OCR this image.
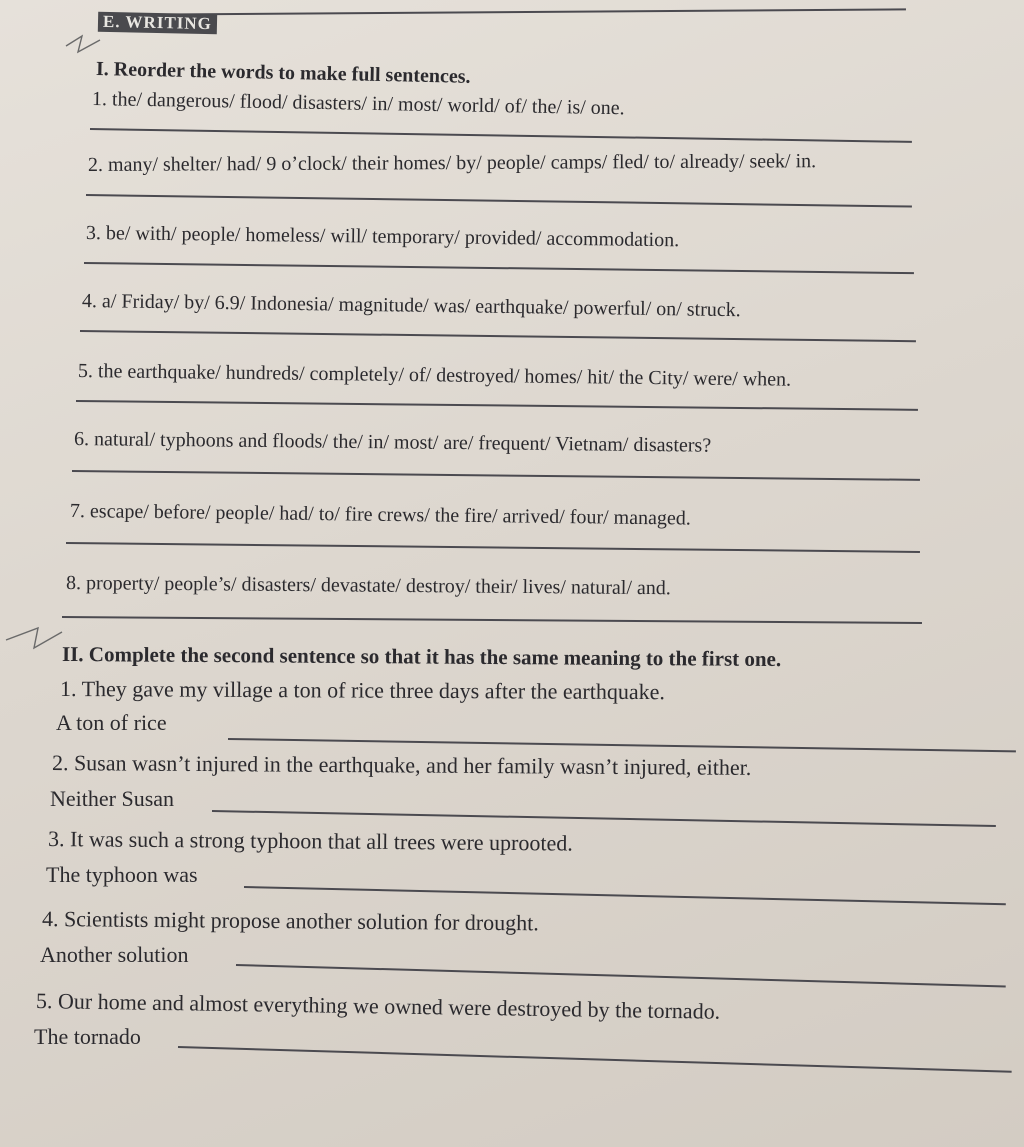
E. WRITING
I. Reorder the words to make full sentences.
1. the/ dangerous/ flood/ disasters/ in/ most/ world/ of/ the/ is/ one.
2. many/ shelter/ had/ 9 o’clock/ their homes/ by/ people/ camps/ fled/ to/ already/ seek/ in.
3. be/ with/ people/ homeless/ will/ temporary/ provided/ accommodation.
4. a/ Friday/ by/ 6.9/ Indonesia/ magnitude/ was/ earthquake/ powerful/ on/ struck.
5. the earthquake/ hundreds/ completely/ of/ destroyed/ homes/ hit/ the City/ were/ when.
6. natural/ typhoons and floods/ the/ in/ most/ are/ frequent/ Vietnam/ disasters?
7. escape/ before/ people/ had/ to/ fire crews/ the fire/ arrived/ four/ managed.
8. property/ people’s/ disasters/ devastate/ destroy/ their/ lives/ natural/ and.
II. Complete the second sentence so that it has the same meaning to the first one.
1. They gave my village a ton of rice three days after the earthquake.
A ton of rice
2. Susan wasn’t injured in the earthquake, and her family wasn’t injured, either.
Neither Susan
3. It was such a strong typhoon that all trees were uprooted.
The typhoon was
4. Scientists might propose another solution for drought.
Another solution
5. Our home and almost everything we owned were destroyed by the tornado.
The tornado
